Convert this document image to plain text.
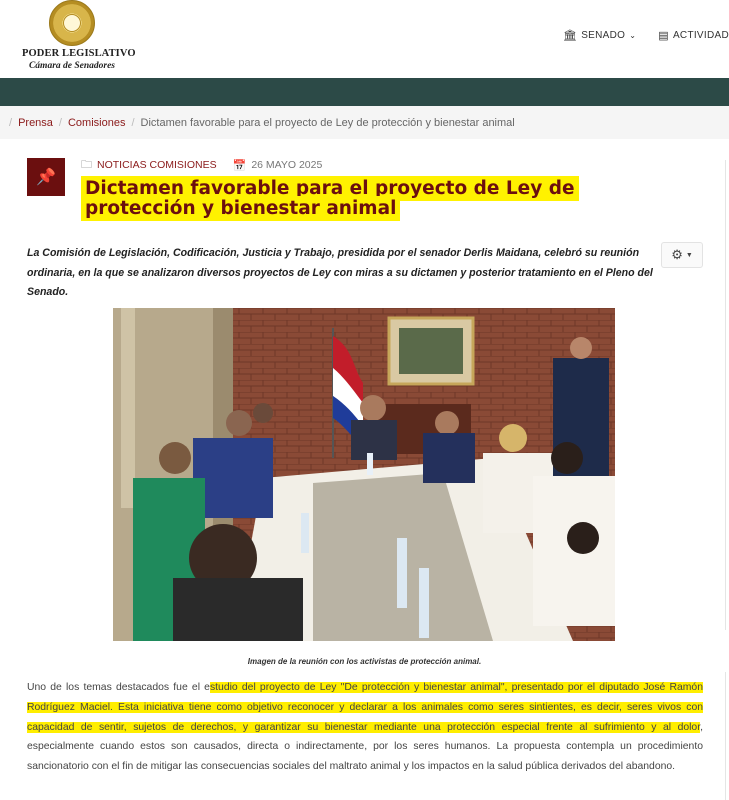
PODER LEGISLATIVO
Cámara de Senadores
🏛 SENADO ⌄ ▤ ACTIVIDAD
/ Prensa / Comisiones / Dictamen favorable para el proyecto de Ley de protección y bienestar animal
📌
🗀 NOTICIAS COMISIONES 📅 26 MAYO 2025
Dictamen favorable para el proyecto de Ley de protección y bienestar animal
⚙ ▼

La Comisión de Legislación, Codificación, Justicia y Trabajo, presidida por el senador Derlis Maidana, celebró su reunión ordinaria, en la que se analizaron diversos proyectos de Ley con miras a su dictamen y posterior tratamiento en el Pleno del Senado.

Imagen de la reunión con los activistas de protección animal.

Uno de los temas destacados fue el estudio del proyecto de Ley "De protección y bienestar animal", presentado por el diputado José Ramón Rodríguez Maciel. Esta iniciativa tiene como objetivo reconocer y declarar a los animales como seres sintientes, es decir, seres vivos con capacidad de sentir, sujetos de derechos, y garantizar su bienestar mediante una protección especial frente al sufrimiento y al dolor, especialmente cuando estos son causados, directa o indirectamente, por los seres humanos. La propuesta contempla un procedimiento sancionatorio con el fin de mitigar las consecuencias sociales del maltrato animal y los impactos en la salud pública derivados del abandono.
